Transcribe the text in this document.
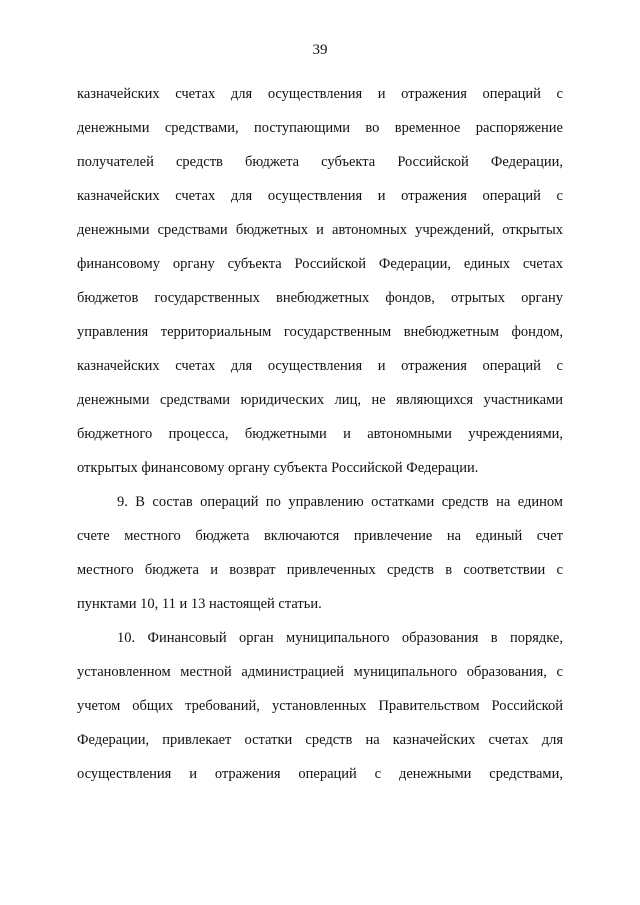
39

казначейских счетах для осуществления и отражения операций с
денежными средствами, поступающими во временное распоряжение
получателей средств бюджета субъекта Российской Федерации,
казначейских счетах для осуществления и отражения операций с
денежными средствами бюджетных и автономных учреждений, открытых
финансовому органу субъекта Российской Федерации, единых счетах
бюджетов государственных внебюджетных фондов, отрытых органу
управления территориальным государственным внебюджетным фондом,
казначейских счетах для осуществления и отражения операций с
денежными средствами юридических лиц, не являющихся участниками
бюджетного процесса, бюджетными и автономными учреждениями,
открытых финансовому органу субъекта Российской Федерации.

9. В состав операций по управлению остатками средств на едином
счете местного бюджета включаются привлечение на единый счет
местного бюджета и возврат привлеченных средств в соответствии с
пунктами 10, 11 и 13 настоящей статьи.

10. Финансовый орган муниципального образования в порядке,
установленном местной администрацией муниципального образования, с
учетом общих требований, установленных Правительством Российской
Федерации, привлекает остатки средств на казначейских счетах для
осуществления и отражения операций с денежными средствами,
